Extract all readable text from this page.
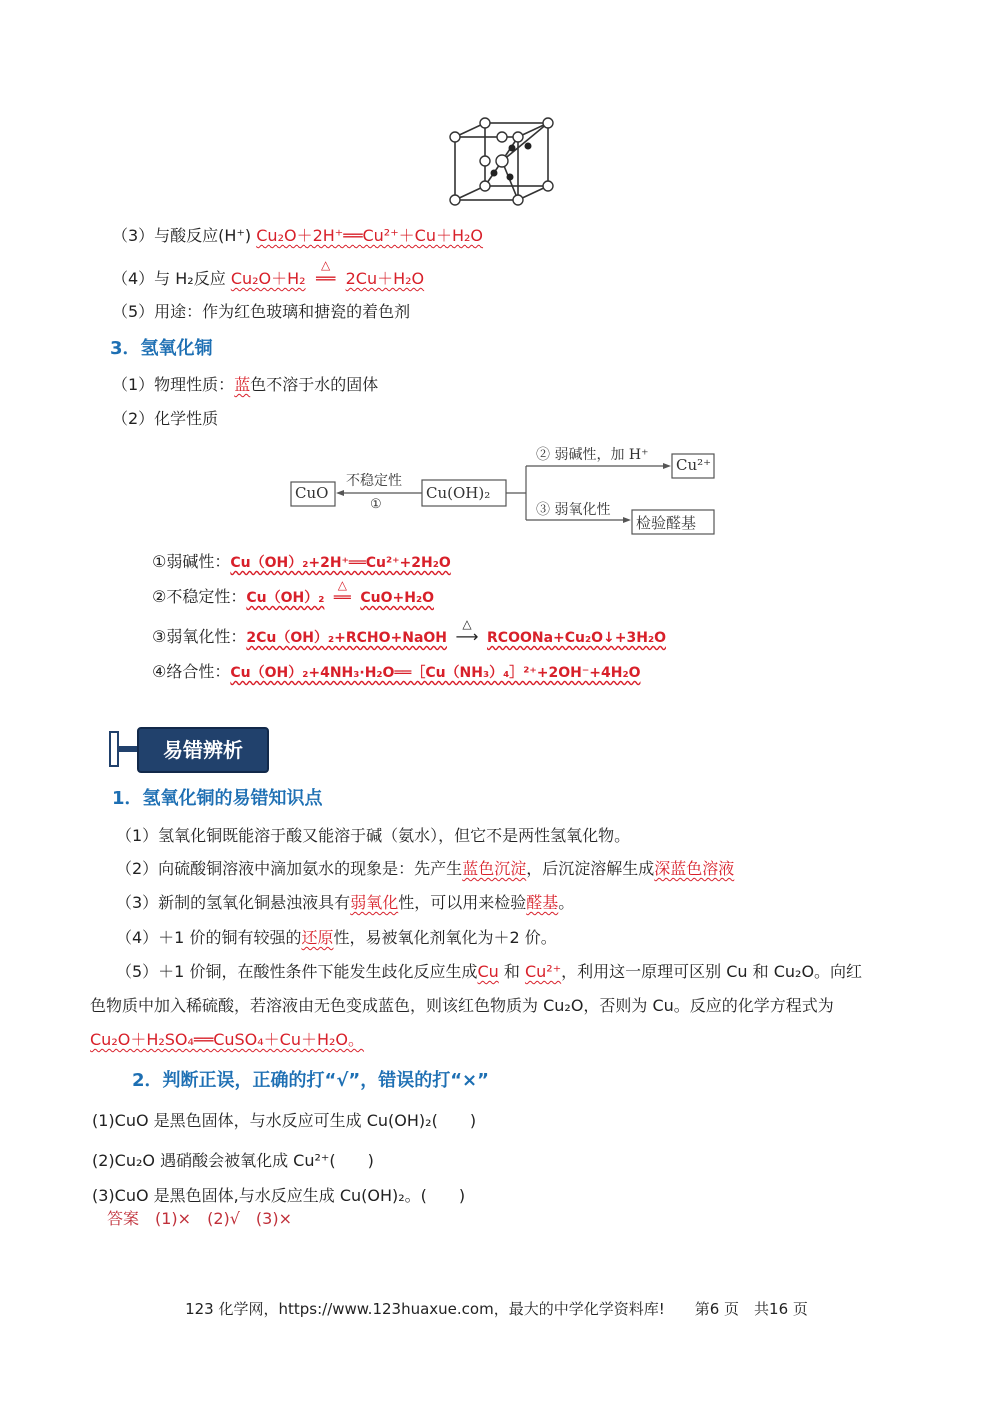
（3）与酸反应(H⁺) Cu₂O＋2H⁺══Cu²⁺＋Cu＋H₂O
（4）与 H₂反应 Cu₂O＋H₂
△
══ 2Cu＋H₂O
（5）用途：作为红色玻璃和搪瓷的着色剂
3．氢氧化铜
（1）物理性质：蓝色不溶于水的固体
（2）化学性质
CuO
不稳定性
①
Cu(OH)₂
② 弱碱性，加 H⁺
Cu²⁺
③ 弱氧化性
检验醛基
①弱碱性：Cu（OH）₂+2H⁺══Cu²⁺+2H₂O
②不稳定性：Cu（OH）₂
△
══ CuO+H₂O
③弱氧化性：2Cu（OH）₂+RCHO+NaOH
△
⟶ RCOONa+Cu₂O↓+3H₂O
④络合性：Cu（OH）₂+4NH₃·H₂O══［Cu（NH₃）₄］²⁺+2OH⁻+4H₂O
易错辨析
1．氢氧化铜的易错知识点
（1）氢氧化铜既能溶于酸又能溶于碱（氨水），但它不是两性氢氧化物。
（2）向硫酸铜溶液中滴加氨水的现象是：先产生蓝色沉淀，后沉淀溶解生成深蓝色溶液
（3）新制的氢氧化铜悬浊液具有弱氧化性，可以用来检验醛基。
（4）＋1 价的铜有较强的还原性，易被氧化剂氧化为＋2 价。
（5）＋1 价铜，在酸性条件下能发生歧化反应生成Cu 和 Cu²⁺，利用这一原理可区别 Cu 和 Cu₂O。向红
色物质中加入稀硫酸，若溶液由无色变成蓝色，则该红色物质为 Cu₂O，否则为 Cu。反应的化学方程式为
Cu₂O＋H₂SO₄══CuSO₄＋Cu＋H₂O。
2．判断正误，正确的打“√”，错误的打“×”
(1)CuO 是黑色固体，与水反应可生成 Cu(OH)₂(　　)
(2)Cu₂O 遇硝酸会被氧化成 Cu²⁺(　　)
(3)CuO 是黑色固体,与水反应生成 Cu(OH)₂。(　　)
答案　(1)×　(2)√　(3)×
123 化学网，https://www.123huaxue.com，最大的中学化学资料库!　　第6 页　共16 页
